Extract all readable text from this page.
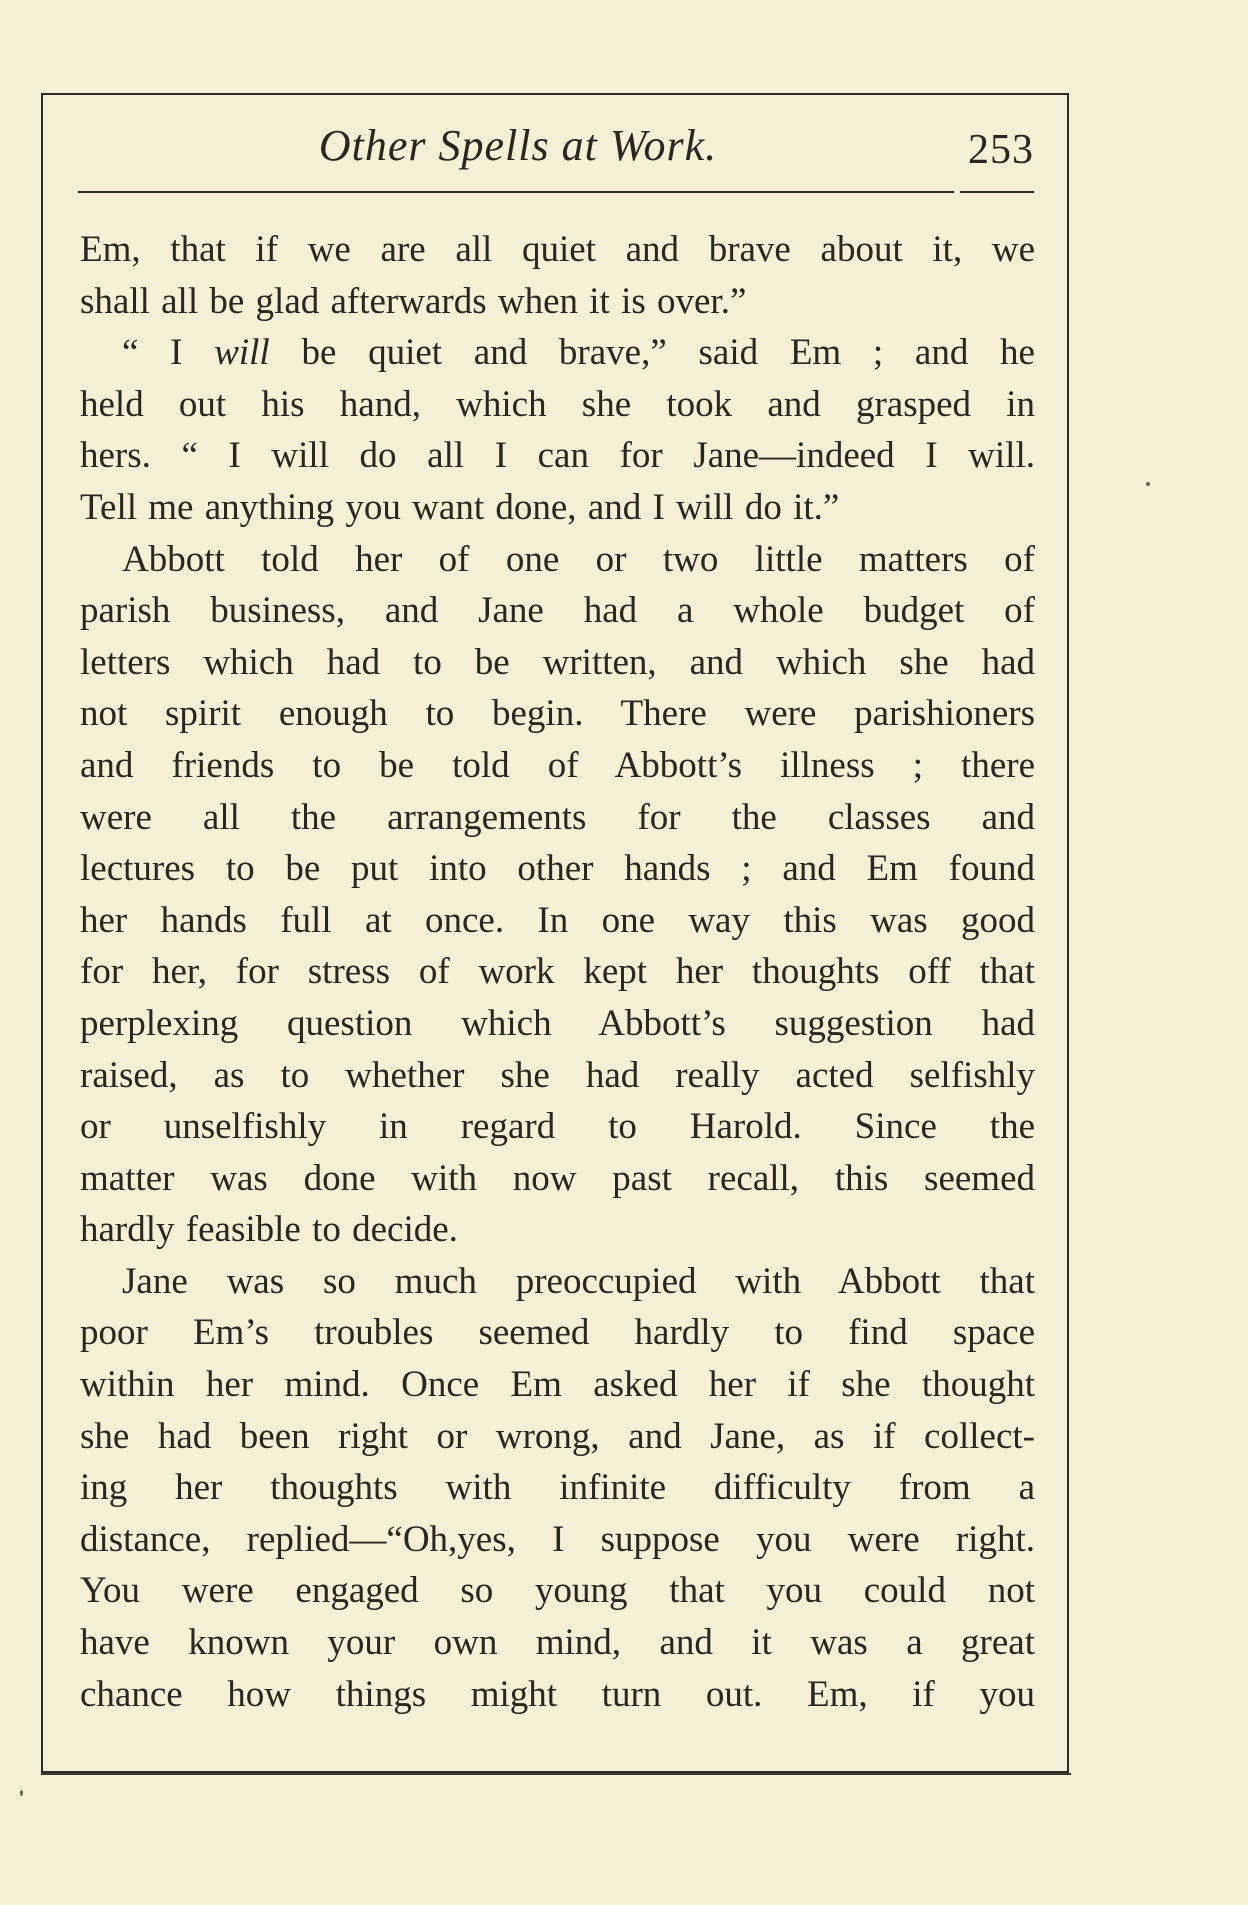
Other Spells at Work.	253
Em, that if we are all quiet and brave about it, we
shall all be glad afterwards when it is over.”
“ I will be quiet and brave,” said Em ; and he
held out his hand, which she took and grasped in
hers. “ I will do all I can for Jane—indeed I will.
Tell me anything you want done, and I will do it.”
Abbott told her of one or two little matters of
parish business, and Jane had a whole budget of
letters which had to be written, and which she had
not spirit enough to begin. There were parishioners
and friends to be told of Abbott’s illness ; there
were all the arrangements for the classes and
lectures to be put into other hands ; and Em found
her hands full at once. In one way this was good
for her, for stress of work kept her thoughts off that
perplexing question which Abbott’s suggestion had
raised, as to whether she had really acted selfishly
or unselfishly in regard to Harold. Since the
matter was done with now past recall, this seemed
hardly feasible to decide.
Jane was so much preoccupied with Abbott that
poor Em’s troubles seemed hardly to find space
within her mind. Once Em asked her if she thought
she had been right or wrong, and Jane, as if collect-
ing her thoughts with infinite difficulty from a
distance, replied—“Oh,yes, I suppose you were right.
You were engaged so young that you could not
have known your own mind, and it was a great
chance how things might turn out. Em, if you
